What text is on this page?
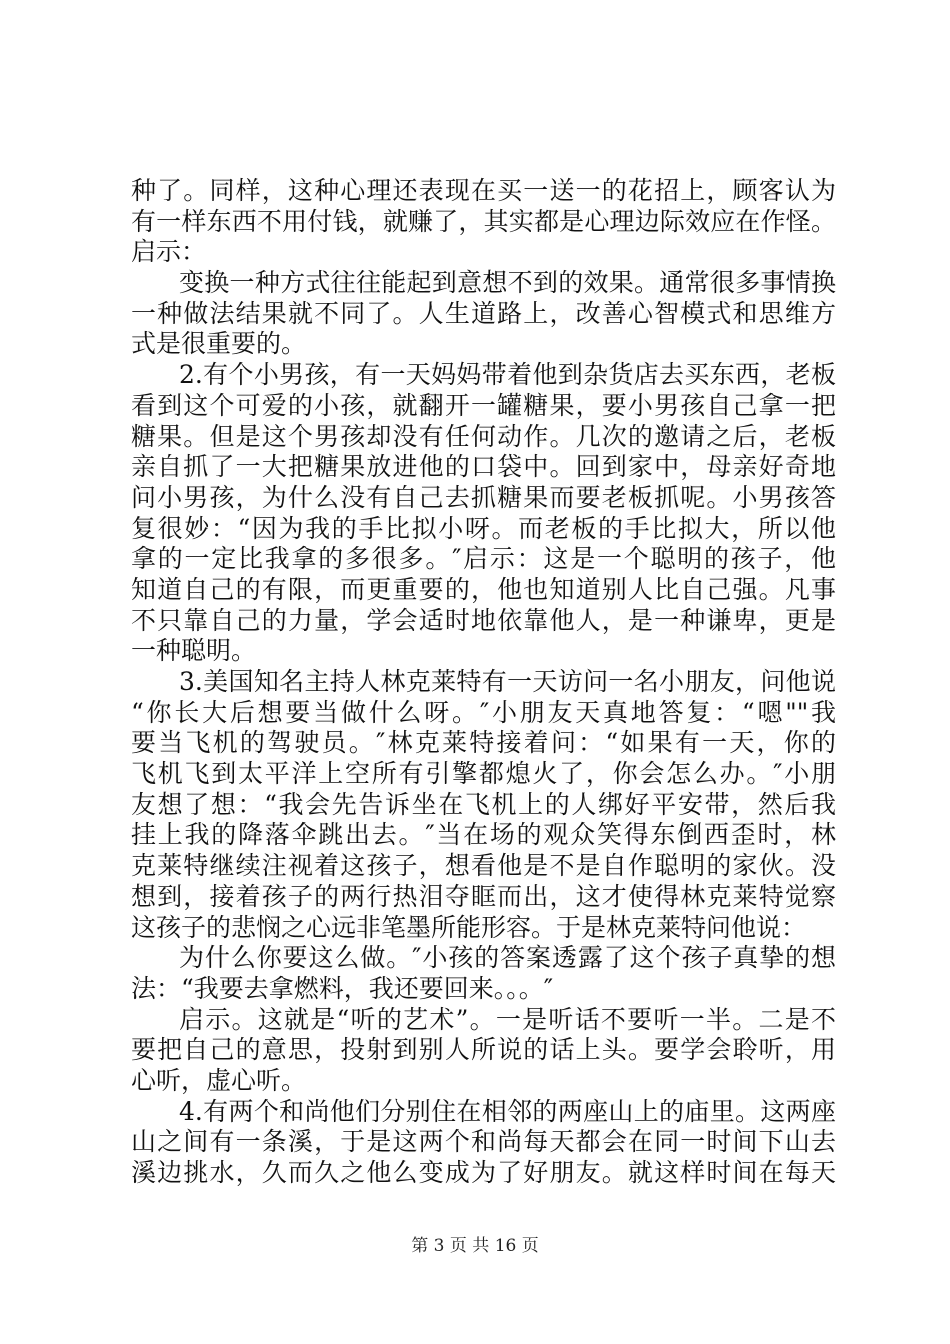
种了。同样，这种心理还表现在买一送一的花招上，顾客认为
有一样东西不用付钱，就赚了，其实都是心理边际效应在作怪。
启示：
变换一种方式往往能起到意想不到的效果。通常很多事情换
一种做法结果就不同了。人生道路上，改善心智模式和思维方
式是很重要的。
2.有个小男孩，有一天妈妈带着他到杂货店去买东西，老板
看到这个可爱的小孩，就翻开一罐糖果，要小男孩自己拿一把
糖果。但是这个男孩却没有任何动作。几次的邀请之后，老板
亲自抓了一大把糖果放进他的口袋中。回到家中，母亲好奇地
问小男孩，为什么没有自己去抓糖果而要老板抓呢。小男孩答
复很妙：“因为我的手比拟小呀。而老板的手比拟大，所以他
拿的一定比我拿的多很多。″启示：这是一个聪明的孩子，他
知道自己的有限，而更重要的，他也知道别人比自己强。凡事
不只靠自己的力量，学会适时地依靠他人，是一种谦卑，更是
一种聪明。
3.美国知名主持人林克莱特有一天访问一名小朋友，问他说
“你长大后想要当做什么呀。″小朋友天真地答复：“嗯""我
要当飞机的驾驶员。″林克莱特接着问：“如果有一天，你的
飞机飞到太平洋上空所有引擎都熄火了，你会怎么办。″小朋
友想了想：“我会先告诉坐在飞机上的人绑好平安带，然后我
挂上我的降落伞跳出去。″当在场的观众笑得东倒西歪时，林
克莱特继续注视着这孩子，想看他是不是自作聪明的家伙。没
想到，接着孩子的两行热泪夺眶而出，这才使得林克莱特觉察
这孩子的悲悯之心远非笔墨所能形容。于是林克莱特问他说：
为什么你要这么做。″小孩的答案透露了这个孩子真挚的想
法：“我要去拿燃料，我还要回来。。。″
启示。这就是“听的艺术”。一是听话不要听一半。二是不
要把自己的意思，投射到别人所说的话上头。要学会聆听，用
心听，虚心听。
4.有两个和尚他们分别住在相邻的两座山上的庙里。这两座
山之间有一条溪，于是这两个和尚每天都会在同一时间下山去
溪边挑水，久而久之他么变成为了好朋友。就这样时间在每天
第 3 页 共 16 页
